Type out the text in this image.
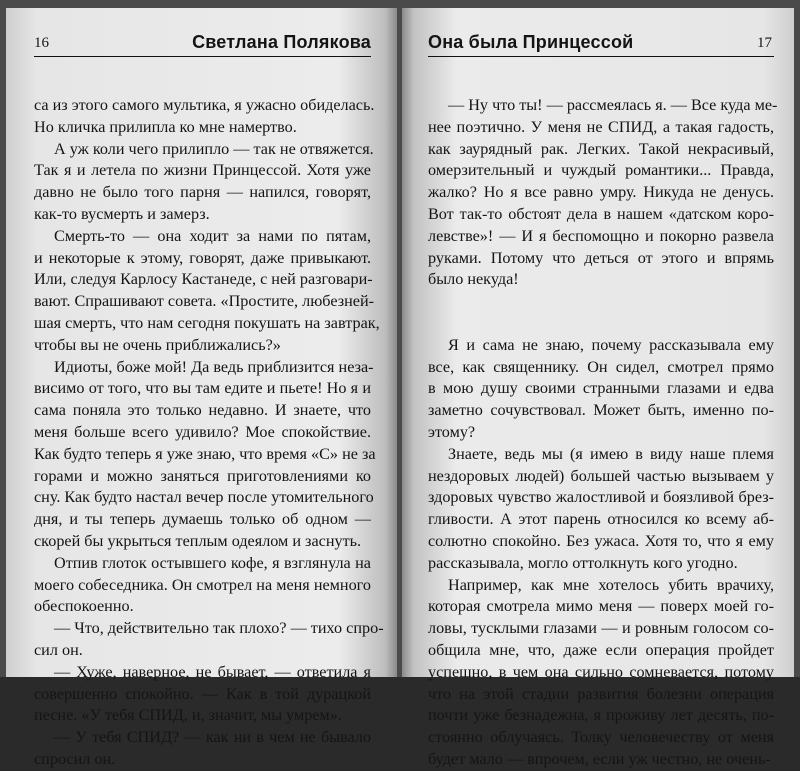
16	Светлана Полякова
са из этого самого мультика, я ужасно обиделась.
Но кличка прилипла ко мне намертво.
А уж коли чего прилипло — так не отвяжется.
Так я и летела по жизни Принцессой. Хотя уже
давно не было того парня — напился, говорят,
как-то вусмерть и замерз.
Смерть-то — она ходит за нами по пятам,
и некоторые к этому, говорят, даже привыкают.
Или, следуя Карлосу Кастанеде, с ней разговари-
вают. Спрашивают совета. «Простите, любезней-
шая смерть, что нам сегодня покушать на завтрак,
чтобы вы не очень приближались?»
Идиоты, боже мой! Да ведь приблизится неза-
висимо от того, что вы там едите и пьете! Но я и
сама поняла это только недавно. И знаете, что
меня больше всего удивило? Мое спокойствие.
Как будто теперь я уже знаю, что время «С» не за
горами и можно заняться приготовлениями ко
сну. Как будто настал вечер после утомительного
дня, и ты теперь думаешь только об одном —
скорей бы укрыться теплым одеялом и заснуть.
Отпив глоток остывшего кофе, я взглянула на
моего собеседника. Он смотрел на меня немного
обеспокоенно.
— Что, действительно так плохо? — тихо спро-
сил он.
— Хуже, наверное, не бывает, — ответила я
совершенно спокойно. — Как в той дурацкой
песне. «У тебя СПИД, и, значит, мы умрем».
— У тебя СПИД? — как ни в чем не бывало
спросил он.
Она была Принцессой	17
— Ну что ты! — рассмеялась я. — Все куда ме-
нее поэтично. У меня не СПИД, а такая гадость,
как заурядный рак. Легких. Такой некрасивый,
омерзительный и чуждый романтики... Правда,
жалко? Но я все равно умру. Никуда не денусь.
Вот так-то обстоят дела в нашем «датском коро-
левстве»! — И я беспомощно и покорно развела
руками. Потому что деться от этого и впрямь
было некуда!
Я и сама не знаю, почему рассказывала ему
все, как священнику. Он сидел, смотрел прямо
в мою душу своими странными глазами и едва
заметно сочувствовал. Может быть, именно по-
этому?
Знаете, ведь мы (я имею в виду наше племя
нездоровых людей) большей частью вызываем у
здоровых чувство жалостливой и боязливой брез-
гливости. А этот парень относился ко всему аб-
солютно спокойно. Без ужаса. Хотя то, что я ему
рассказывала, могло оттолкнуть кого угодно.
Например, как мне хотелось убить врачиху,
которая смотрела мимо меня — поверх моей го-
ловы, тусклыми глазами — и ровным голосом со-
общила мне, что, даже если операция пройдет
успешно, в чем она сильно сомневается, потому
что на этой стадии развития болезни операция
почти уже безнадежна, я проживу лет десять, по-
стоянно облучаясь. Толку человечеству от меня
будет мало — впрочем, если уж честно, не очень-
